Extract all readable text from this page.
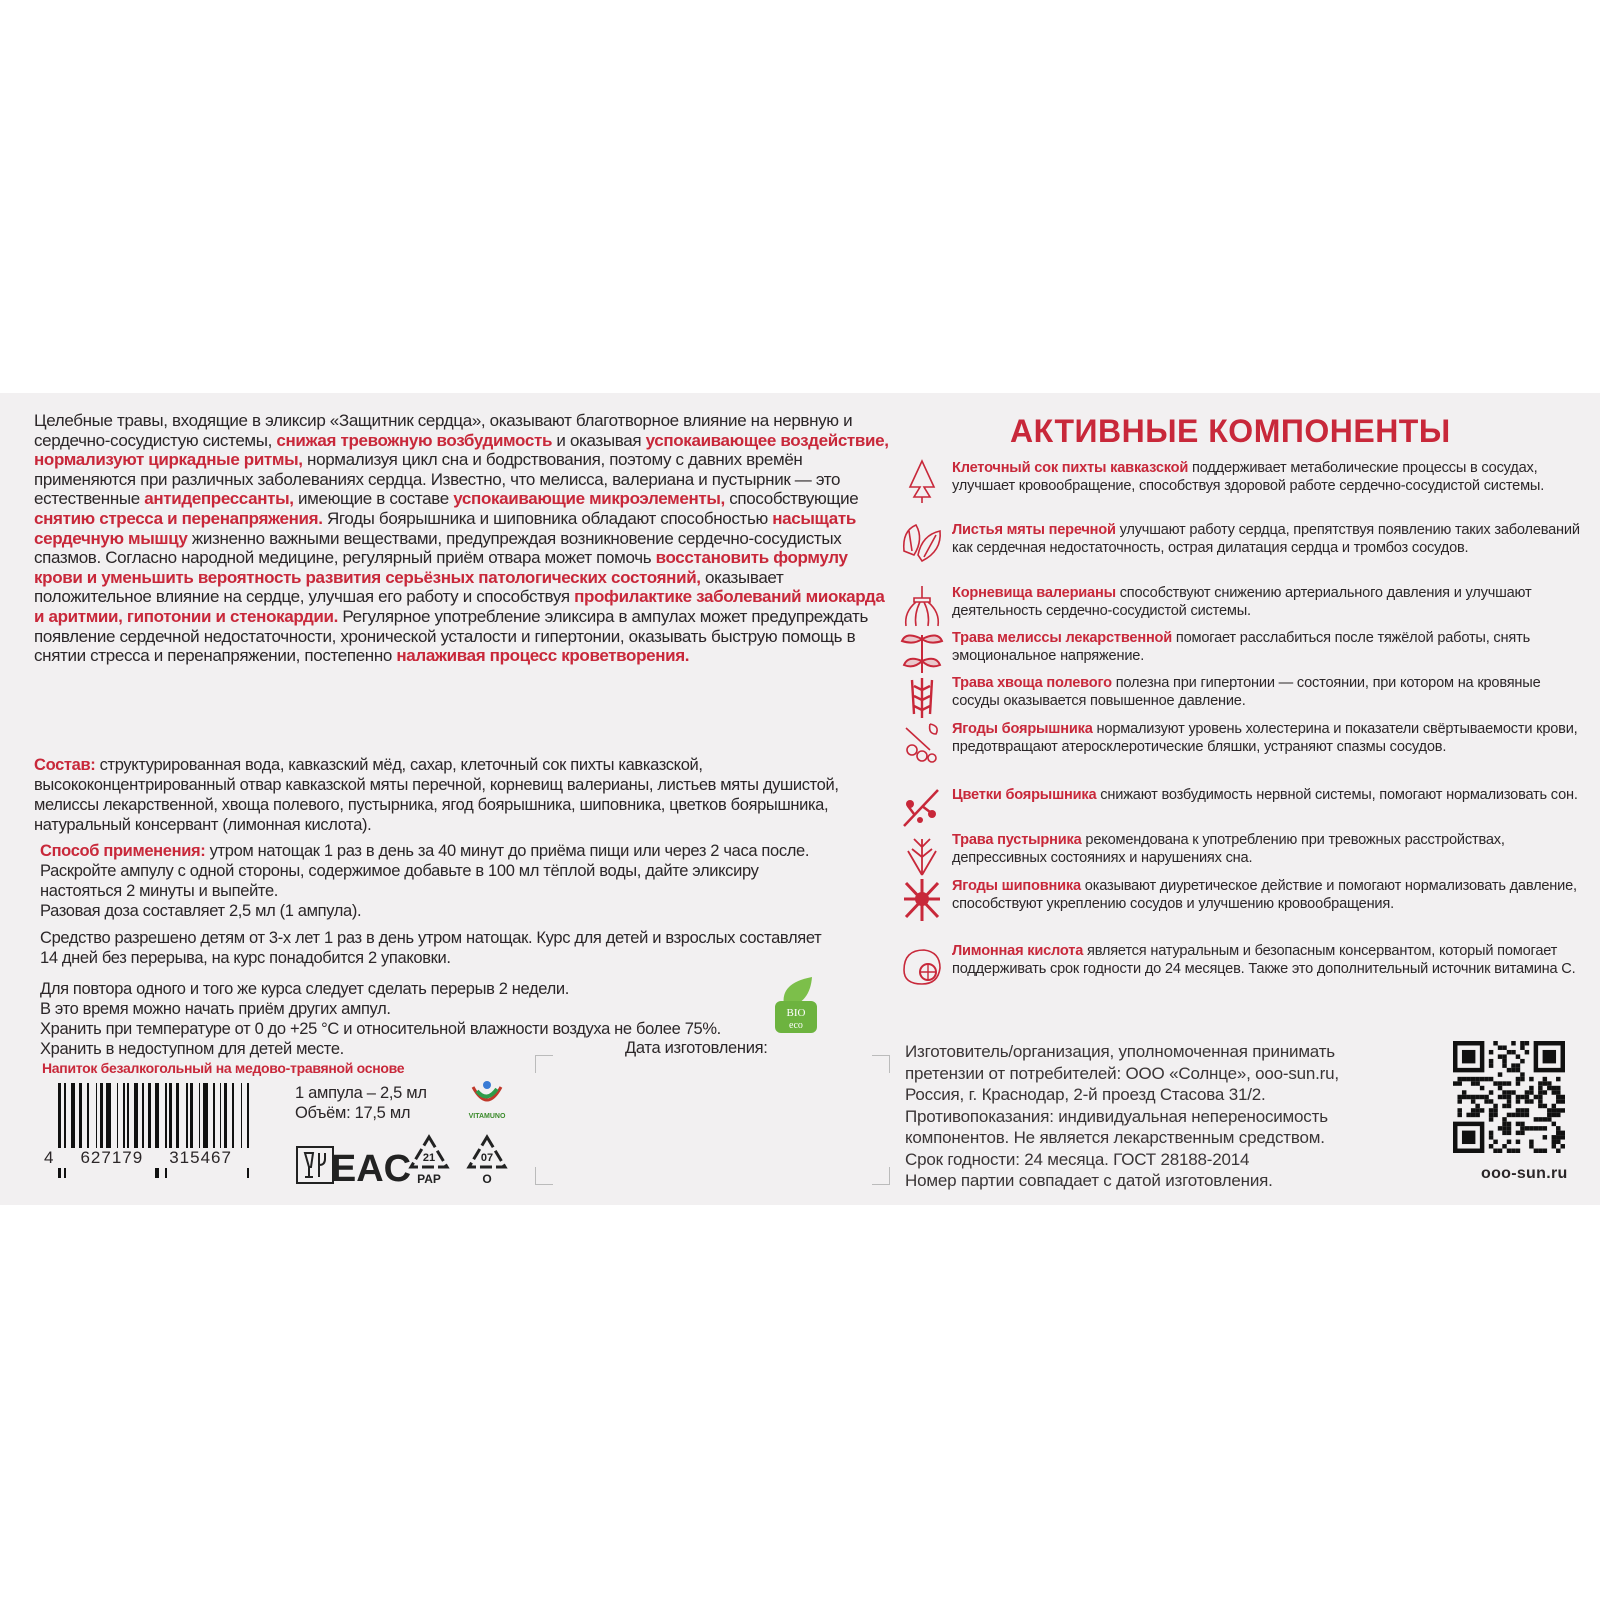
Целебные травы, входящие в эликсир «Защитник сердца», оказывают благотворное влияние на нервную и сердечно-сосудистую системы, снижая тревожную возбудимость и оказывая успокаивающее воздействие, нормализуют циркадные ритмы, нормализуя цикл сна и бодрствования, поэтому с давних времён применяются при различных заболеваниях сердца. Известно, что мелисса, валериана и пустырник — это естественные антидепрессанты, имеющие в составе успокаивающие микроэлементы, способствующие снятию стресса и перенапряжения. Ягоды боярышника и шиповника обладают способностью насыщать сердечную мышцу жизненно важными веществами, предупреждая возникновение сердечно-сосудистых спазмов. Согласно народной медицине, регулярный приём отвара может помочь восстановить формулу крови и уменьшить вероятность развития серьёзных патологических состояний, оказывает положительное влияние на сердце, улучшая его работу и способствуя профилактике заболеваний миокарда и аритмии, гипотонии и стенокардии. Регулярное употребление эликсира в ампулах может предупреждать появление сердечной недостаточности, хронической усталости и гипертонии, оказывать быструю помощь в снятии стресса и перенапряжении, постепенно налаживая процесс кроветворения.
Состав: структурированная вода, кавказский мёд, сахар, клеточный сок пихты кавказской, высококонцентрированный отвар кавказской мяты перечной, корневищ валерианы, листьев мяты душистой, мелиссы лекарственной, хвоща полевого, пустырника, ягод боярышника, шиповника, цветков боярышника, натуральный консервант (лимонная кислота).
Способ применения: утром натощак 1 раз в день за 40 минут до приёма пищи или через 2 часа после. Раскройте ампулу с одной стороны, содержимое добавьте в 100 мл тёплой воды, дайте эликсиру настояться 2 минуты и выпейте.
Разовая доза составляет 2,5 мл (1 ампула).
Средство разрешено детям от 3-х лет 1 раз в день утром натощак. Курс для детей и взрослых составляет 14 дней без перерыва, на курс понадобится 2 упаковки.
Для повтора одного и того же курса следует сделать перерыв 2 недели.
В это время можно начать приём других ампул.
Хранить при температуре от 0 до +25 °С и относительной влажности воздуха не более 75%. Хранить в недоступном для детей месте.
BIO
eco
Дата изготовления:
Напиток безалкогольный на медово-травяной основе
4 627179 315467
1 ампула – 2,5 мл
Объём: 17,5 мл	VITAMUNO
EAC 21
PAP
07
O
АКТИВНЫЕ КОМПОНЕНТЫ
Клеточный сок пихты кавказской поддерживает метаболические процессы в сосудах, улучшает кровообращение, способствуя здоровой работе сердечно-сосудистой системы.
Листья мяты перечной улучшают работу сердца, препятствуя появлению таких заболеваний как сердечная недостаточность, острая дилатация сердца и тромбоз сосудов.
Корневища валерианы способствуют снижению артериального давления и улучшают деятельность сердечно-сосудистой системы.
Трава мелиссы лекарственной помогает расслабиться после тяжёлой работы, снять эмоциональное напряжение.
Трава хвоща полевого полезна при гипертонии — состоянии, при котором на кровяные сосуды оказывается повышенное давление.
Ягоды боярышника нормализуют уровень холестерина и показатели свёртываемости крови, предотвращают атеросклеротические бляшки, устраняют спазмы сосудов.
Цветки боярышника снижают возбудимость нервной системы, помогают нормализовать сон.
Трава пустырника рекомендована к употреблению при тревожных расстройствах, депрессивных состояниях и нарушениях сна.
Ягоды шиповника оказывают диуретическое действие и помогают нормализовать давление, способствуют укреплению сосудов и улучшению кровообращения.
Лимонная кислота является натуральным и безопасным консервантом, который помогает поддерживать срок годности до 24 месяцев. Также это дополнительный источник витамина С.
Изготовитель/организация, уполномоченная принимать
претензии от потребителей: ООО «Солнце», ooo-sun.ru,
Россия, г. Краснодар, 2-й проезд Стасова 31/2.
Противопоказания: индивидуальная непереносимость
компонентов. Не является лекарственным средством.
Срок годности: 24 месяца. ГОСТ 28188-2014
Номер партии совпадает с датой изготовления.	ooo-sun.ru
